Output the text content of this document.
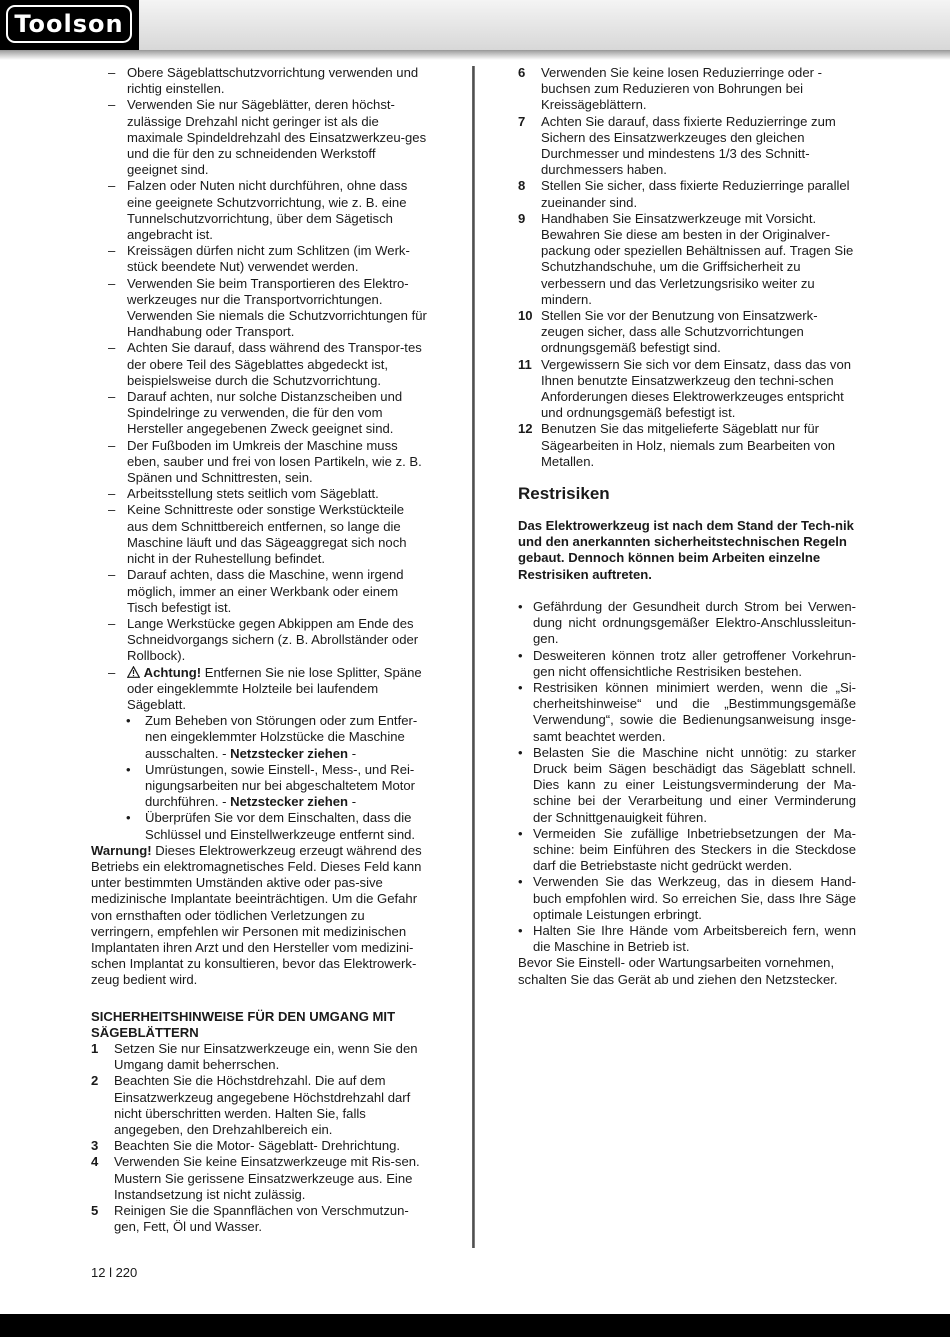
Toolson
– Obere Sägeblattschutzvorrichtung verwenden und richtig einstellen.
– Verwenden Sie nur Sägeblätter, deren höchst-zulässige Drehzahl nicht geringer ist als die maximale Spindeldrehzahl des Einsatzwerkzeu-ges und die für den zu schneidenden Werkstoff geeignet sind.
– Falzen oder Nuten nicht durchführen, ohne dass eine geeignete Schutzvorrichtung, wie z. B. eine Tunnelschutzvorrichtung, über dem Sägetisch angebracht ist.
– Kreissägen dürfen nicht zum Schlitzen (im Werk-stück beendete Nut) verwendet werden.
– Verwenden Sie beim Transportieren des Elektro-werkzeuges nur die Transportvorrichtungen. Verwenden Sie niemals die Schutzvorrichtungen für Handhabung oder Transport.
– Achten Sie darauf, dass während des Transpor-tes der obere Teil des Sägeblattes abgedeckt ist, beispielsweise durch die Schutzvorrichtung.
– Darauf achten, nur solche Distanzscheiben und Spindelringe zu verwenden, die für den vom Hersteller angegebenen Zweck geeignet sind.
– Der Fußboden im Umkreis der Maschine muss eben, sauber und frei von losen Partikeln, wie z. B. Spänen und Schnittresten, sein.
– Arbeitsstellung stets seitlich vom Sägeblatt.
– Keine Schnittreste oder sonstige Werkstückteile aus dem Schnittbereich entfernen, so lange die Maschine läuft und das Sägeaggregat sich noch nicht in der Ruhestellung befindet.
– Darauf achten, dass die Maschine, wenn irgend möglich, immer an einer Werkbank oder einem Tisch befestigt ist.
– Lange Werkstücke gegen Abkippen am Ende des Schneidvorgangs sichern (z. B. Abrollständer oder Rollbock).
– Achtung! Entfernen Sie nie lose Splitter, Späne oder eingeklemmte Holzteile bei laufendem Sägeblatt.
• Zum Beheben von Störungen oder zum Entfer-nen eingeklemmter Holzstücke die Maschine ausschalten. - Netzstecker ziehen -
• Umrüstungen, sowie Einstell-, Mess-, und Rei-nigungsarbeiten nur bei abgeschaltetem Motor durchführen. - Netzstecker ziehen -
• Überprüfen Sie vor dem Einschalten, dass die Schlüssel und Einstellwerkzeuge entfernt sind.
Warnung! Dieses Elektrowerkzeug erzeugt während des Betriebs ein elektromagnetisches Feld. Dieses Feld kann unter bestimmten Umständen aktive oder pas-sive medizinische Implantate beeinträchtigen. Um die Gefahr von ernsthaften oder tödlichen Verletzungen zu verringern, empfehlen wir Personen mit medizinischen Implantaten ihren Arzt und den Hersteller vom medizini-schen Implantat zu konsultieren, bevor das Elektrowerk-zeug bedient wird.
SICHERHEITSHINWEISE FÜR DEN UMGANG MIT SÄGEBLÄTTERN
1 Setzen Sie nur Einsatzwerkzeuge ein, wenn Sie den Umgang damit beherrschen.
2 Beachten Sie die Höchstdrehzahl. Die auf dem Einsatzwerkzeug angegebene Höchstdrehzahl darf nicht überschritten werden. Halten Sie, falls angegeben, den Drehzahlbereich ein.
3 Beachten Sie die Motor- Sägeblatt- Drehrichtung.
4 Verwenden Sie keine Einsatzwerkzeuge mit Ris-sen. Mustern Sie gerissene Einsatzwerkzeuge aus. Eine Instandsetzung ist nicht zulässig.
5 Reinigen Sie die Spannflächen von Verschmutzun-gen, Fett, Öl und Wasser.
6 Verwenden Sie keine losen Reduzierringe oder -buchsen zum Reduzieren von Bohrungen bei Kreissägeblättern.
7 Achten Sie darauf, dass fixierte Reduzierringe zum Sichern des Einsatzwerkzeuges den gleichen Durchmesser und mindestens 1/3 des Schnitt-durchmessers haben.
8 Stellen Sie sicher, dass fixierte Reduzierringe parallel zueinander sind.
9 Handhaben Sie Einsatzwerkzeuge mit Vorsicht. Bewahren Sie diese am besten in der Originalver-packung oder speziellen Behältnissen auf. Tragen Sie Schutzhandschuhe, um die Griffsicherheit zu verbessern und das Verletzungsrisiko weiter zu mindern.
10 Stellen Sie vor der Benutzung von Einsatzwerk-zeugen sicher, dass alle Schutzvorrichtungen ordnungsgemäß befestigt sind.
11 Vergewissern Sie sich vor dem Einsatz, dass das von Ihnen benutzte Einsatzwerkzeug den techni-schen Anforderungen dieses Elektrowerkzeuges entspricht und ordnungsgemäß befestigt ist.
12 Benutzen Sie das mitgelieferte Sägeblatt nur für Sägearbeiten in Holz, niemals zum Bearbeiten von Metallen.
Restrisiken
Das Elektrowerkzeug ist nach dem Stand der Tech-nik und den anerkannten sicherheitstechnischen Regeln gebaut. Dennoch können beim Arbeiten einzelne Restrisiken auftreten.
• Gefährdung der Gesundheit durch Strom bei Verwen-dung nicht ordnungsgemäßer Elektro-Anschlussleitun-gen.
• Desweiteren können trotz aller getroffener Vorkehrun-gen nicht offensichtliche Restrisiken bestehen.
• Restrisiken können minimiert werden, wenn die „Si-cherheitshinweise“ und die „Bestimmungsgemäße Verwendung“, sowie die Bedienungsanweisung insge-samt beachtet werden.
• Belasten Sie die Maschine nicht unnötig: zu starker Druck beim Sägen beschädigt das Sägeblatt schnell. Dies kann zu einer Leistungsverminderung der Ma-schine bei der Verarbeitung und einer Verminderung der Schnittgenauigkeit führen.
• Vermeiden Sie zufällige Inbetriebsetzungen der Ma-schine: beim Einführen des Steckers in die Steckdose darf die Betriebstaste nicht gedrückt werden.
• Verwenden Sie das Werkzeug, das in diesem Hand-buch empfohlen wird. So erreichen Sie, dass Ihre Säge optimale Leistungen erbringt.
• Halten Sie Ihre Hände vom Arbeitsbereich fern, wenn die Maschine in Betrieb ist.
Bevor Sie Einstell- oder Wartungsarbeiten vornehmen, schalten Sie das Gerät ab und ziehen den Netzstecker.
12 l 220
